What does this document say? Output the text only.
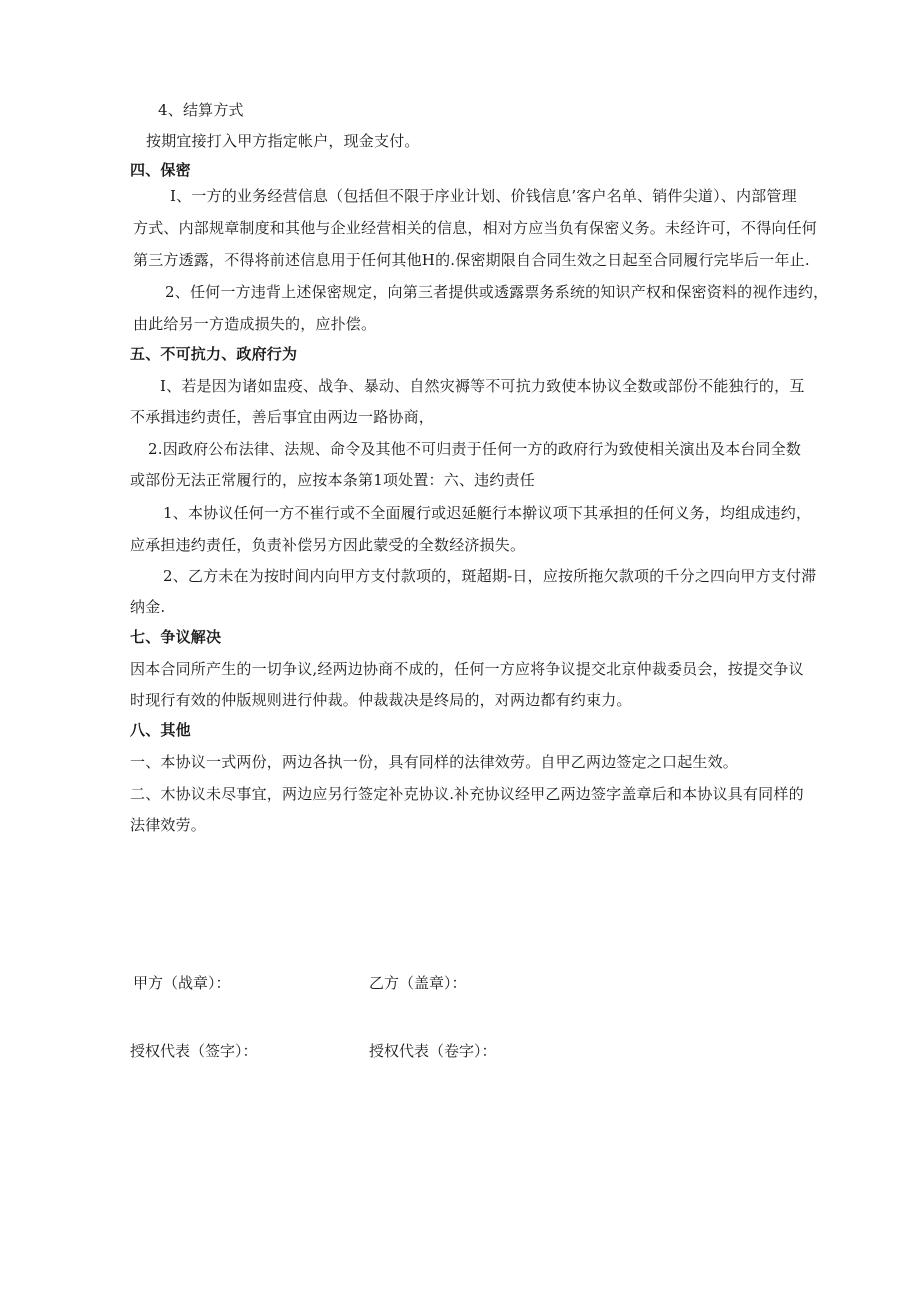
4、结算方式
按期宜接打入甲方指定帐户，现金支付。
四、保密
I、一方的业务经营信息（包括但不限于序业计划、价钱信息’客户名单、销件尖道）、内部管理
方式、内部规章制度和其他与企业经营相关的信息，相对方应当负有保密义务。未经许可，不得向任何
第三方透露，不得将前述信息用于任何其他H的.保密期限自合同生效之日起至合同履行完毕后一年止.
2、任何一方违背上述保密规定，向第三者提供或透露票务系统的知识产权和保密资料的视作违约，
由此给另一方造成损失的，应扑偿。
五、不可抗力、政府行为
I、若是因为诸如盅疫、战争、暴动、自然灾褥等不可抗力致使本协议全数或部份不能独行的，互
不承揖违约责任，善后事宜由两边一路协商，
2.因政府公布法律、法规、命令及其他不可归责于任何一方的政府行为致使相关演出及本台同全数
或部份无法正常履行的，应按本条第1项处置：六、违约责任
1、本协议任何一方不崔行或不全面履行或迟延艇行本擀议项下其承担的任何义务，均组成违约，
应承担违约责任，负责补偿另方因此蒙受的全数经济损失。
2、乙方未在为按时间内向甲方支付款项的，斑超期-日，应按所拖欠款项的千分之四向甲方支付滞
纳金.
七、争议解决
因本合同所产生的一切争议,经两边协商不成的，任何一方应将争议提交北京仲裁委员会，按提交争议
时现行有效的仲版规则进行仲裁。仲裁裁决是终局的，对两边都有约束力。
八、其他
一、本协议一式两份，两边各执一份，具有同样的法律效劳。自甲乙两边签定之口起生效。
二、木协议未尽事宜，两边应另行签定补克协议.补充协议经甲乙两边签字盖章后和本协议具有同样的
法律效劳。
甲方（战章）：	乙方（盖章）：
授权代表（签字）：	授权代表（卷字）：
